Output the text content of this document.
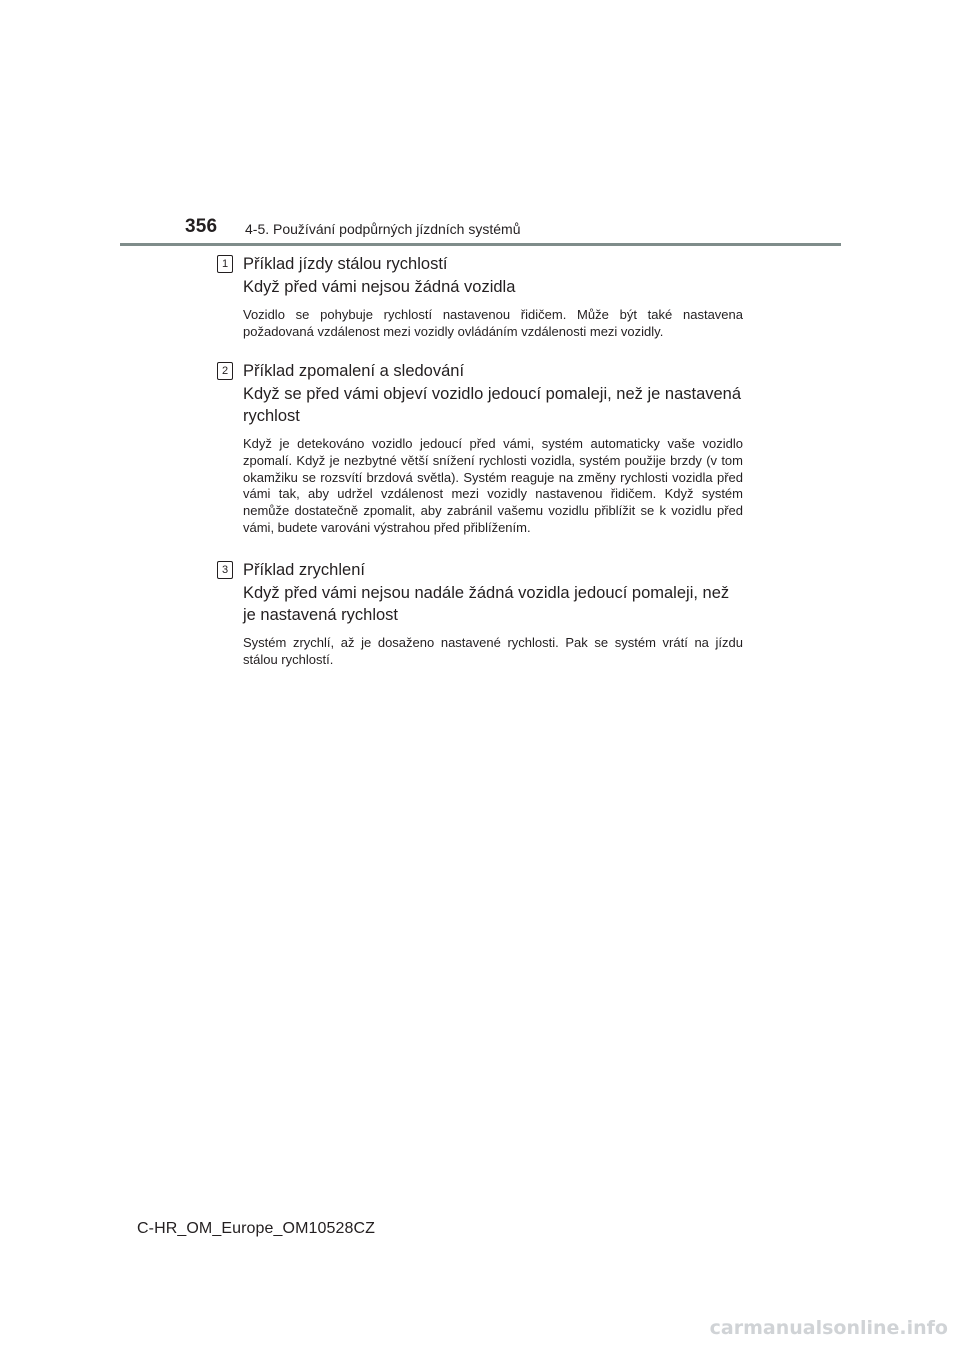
356 4-5. Používání podpůrných jízdních systémů
1 Příklad jízdy stálou rychlostí
Když před vámi nejsou žádná vozidla
Vozidlo se pohybuje rychlostí nastavenou řidičem. Může být také nastavena požadovaná vzdálenost mezi vozidly ovládáním vzdálenosti mezi vozidly.
2 Příklad zpomalení a sledování
Když se před vámi objeví vozidlo jedoucí pomaleji, než je nastavená rychlost
Když je detekováno vozidlo jedoucí před vámi, systém automaticky vaše vozidlo zpomalí. Když je nezbytné větší snížení rychlosti vozidla, systém použije brzdy (v tom okamžiku se rozsvítí brzdová světla). Systém reaguje na změny rychlosti vozidla před vámi tak, aby udržel vzdálenost mezi vozidly nastavenou řidičem. Když systém nemůže dostatečně zpomalit, aby zabránil vašemu vozidlu přiblížit se k vozidlu před vámi, budete varováni výstrahou před přiblížením.
3 Příklad zrychlení
Když před vámi nejsou nadále žádná vozidla jedoucí pomaleji, než je nastavená rychlost
Systém zrychlí, až je dosaženo nastavené rychlosti. Pak se systém vrátí na jízdu stálou rychlostí.
C-HR_OM_Europe_OM10528CZ
carmanualsonline.info
